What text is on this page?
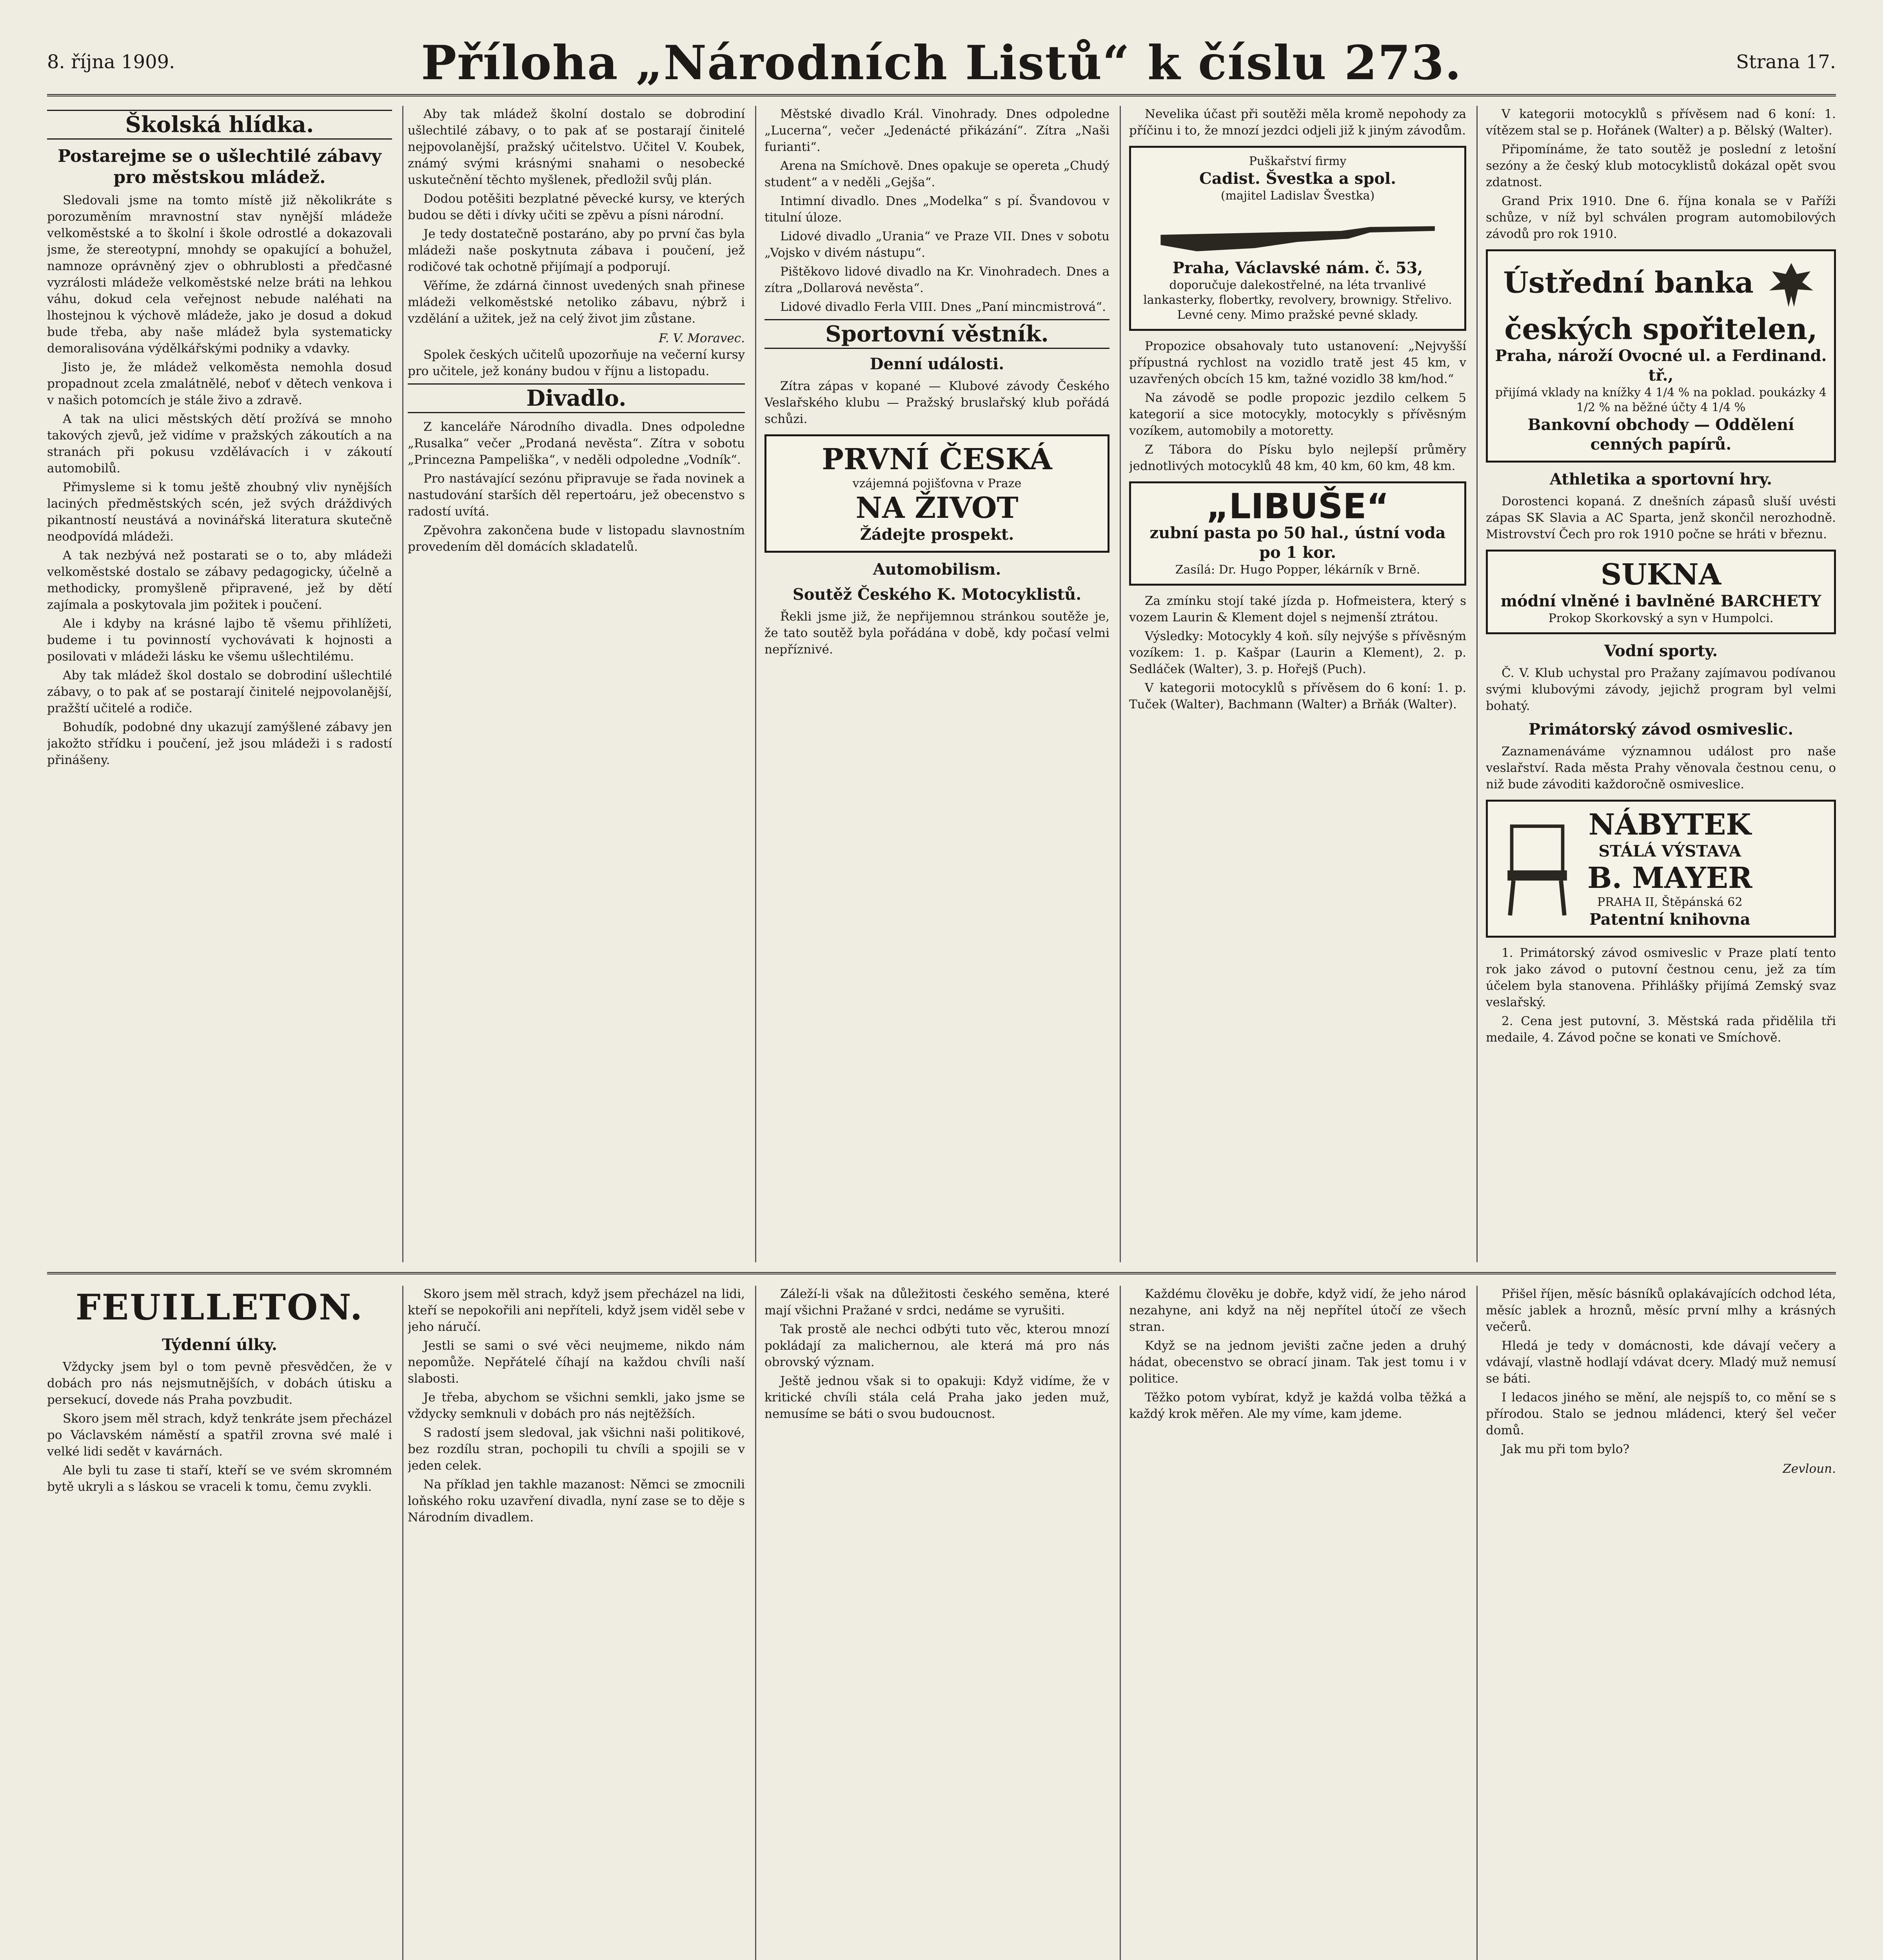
8. října 1909.	Příloha „Národních Listů“ k číslu 273.	Strana 17.
Školská hlídka.
Postarejme se o ušlechtilé zábavy pro městskou mládež.

Sledovali jsme na tomto místě již několikráte s porozuměním mravnostní stav nynější mládeže velkoměstské a to školní i škole odrostlé a dokazovali jsme, že stereotypní, mnohdy se opakující a bohužel, namnoze oprávněný zjev o obhrublosti a předčasné vyzrálosti mládeže velkoměstské nelze bráti na lehkou váhu, dokud cela veřejnost nebude naléhati na lhostejnou k výchově mládeže, jako je dosud a dokud bude třeba, aby naše mládež byla systematicky demoralisována výdělkářskými podniky a vdavky.

Jisto je, že mládež velkoměsta nemohla dosud propadnout zcela zmalátnělé, neboť v dětech venkova i v našich potomcích je stále živo a zdravě.

A tak na ulici městských dětí prožívá se mnoho takových zjevů, jež vidíme v pražských zákoutích a na stranách při pokusu vzdělávacích i v zákoutí automobilů.

Přimysleme si k tomu ještě zhoubný vliv nynějších laciných předměstských scén, jež svých dráždivých pikantností neustává a novinářská literatura skutečně neodpovídá mládeži.

A tak nezbývá než postarati se o to, aby mládeži velkoměstské dostalo se zábavy pedagogicky, účelně a methodicky, promyšleně připravené, jež by dětí zajímala a poskytovala jim požitek i poučení.

Ale i kdyby na krásné lajbo tě všemu přihlížeti, budeme i tu povinností vychovávati k hojnosti a posilovati v mládeži lásku ke všemu ušlechtilému.

Aby tak mládež škol dostalo se dobrodiní ušlechtilé zábavy, o to pak ať se postarají činitelé nejpovolanější, pražští učitelé a rodiče.

Bohudík, podobné dny ukazují zamýšlené zábavy jen jakožto střídku i poučení, jež jsou mládeži i s radostí přinášeny.

Aby tak mládež školní dostalo se dobrodiní ušlechtilé zábavy, o to pak ať se postarají činitelé nejpovolanější, pražský učitelstvo. Učitel V. Koubek, známý svými krásnými snahami o nesobecké uskutečnění těchto myšlenek, předložil svůj plán.

Dodou potěšiti bezplatné pěvecké kursy, ve kterých budou se děti i dívky učiti se zpěvu a písni národní.

Je tedy dostatečně postaráno, aby po první čas byla mládeži naše poskytnuta zábava i poučení, jež rodičové tak ochotně přijímají a podporují.

Věříme, že zdárná činnost uvedených snah přinese mládeži velkoměstské netoliko zábavu, nýbrž i vzdělání a užitek, jež na celý život jim zůstane.

F. V. Moravec.

Spolek českých učitelů upozorňuje na večerní kursy pro učitele, jež konány budou v říjnu a listopadu.

Divadlo.

Z kanceláře Národního divadla. Dnes odpoledne „Rusalka“ večer „Prodaná nevěsta“. Zítra v sobotu „Princezna Pampeliška“, v neděli odpoledne „Vodník“.

Pro nastávající sezónu připravuje se řada novinek a nastudování starších děl repertoáru, jež obecenstvo s radostí uvítá.

Zpěvohra zakončena bude v listopadu slavnostním provedením děl domácích skladatelů.

Městské divadlo Král. Vinohrady. Dnes odpoledne „Lucerna“, večer „Jedenácté přikázání“. Zítra „Naši furianti“.

Arena na Smíchově. Dnes opakuje se opereta „Chudý student“ a v neděli „Gejša“.

Intimní divadlo. Dnes „Modelka“ s pí. Švandovou v titulní úloze.

Lidové divadlo „Urania“ ve Praze VII. Dnes v sobotu „Vojsko v divém nástupu“.

Pištěkovo lidové divadlo na Kr. Vinohradech. Dnes a zítra „Dollarová nevěsta“.

Lidové divadlo Ferla VIII. Dnes „Paní mincmistrová“.

Sportovní věstník.
Denní události.

Zítra zápas v kopané — Klubové závody Českého Veslařského klubu — Pražský bruslařský klub pořádá schůzi.

PRVNÍ ČESKÁ
vzájemná pojišťovna v Praze
NA ŽIVOT
Žádejte prospekt.
Automobilism.
Soutěž Českého K. Motocyklistů.

Řekli jsme již, že nepřijemnou stránkou soutěže je, že tato soutěž byla pořádána v době, kdy počasí velmi nepříznivé.

Nevelika účast při soutěži měla kromě nepohody za příčinu i to, že mnozí jezdci odjeli již k jiným závodům.

Puškařství firmy
Cadist. Švestka a spol.
(majitel Ladislav Švestka)
Praha, Václavské nám. č. 53,
doporučuje dalekostřelné, na léta trvanlivé lankasterky, flobertky, revolvery, brownigy. Střelivo. Levné ceny. Mimo pražské pevné sklady.

Propozice obsahovaly tuto ustanovení: „Nejvyšší přípustná rychlost na vozidlo tratě jest 45 km, v uzavřených obcích 15 km, tažné vozidlo 38 km/hod.“

Na závodě se podle propozic jezdilo celkem 5 kategorií a sice motocykly, motocykly s přívěsným vozíkem, automobily a motoretty.

Z Tábora do Písku bylo nejlepší průměry jednotlivých motocyklů 48 km, 40 km, 60 km, 48 km.

„LIBUŠE“
zubní pasta po 50 hal., ústní voda po 1 kor.
Zasílá: Dr. Hugo Popper, lékárník v Brně.

Za zmínku stojí také jízda p. Hofmeistera, který s vozem Laurin & Klement dojel s nejmenší ztrátou.

Výsledky: Motocykly 4 koň. síly nejvýše s přívěsným vozíkem: 1. p. Kašpar (Laurin a Klement), 2. p. Sedláček (Walter), 3. p. Hořejš (Puch).

V kategorii motocyklů s přívěsem do 6 koní: 1. p. Tuček (Walter), Bachmann (Walter) a Brňák (Walter).

V kategorii motocyklů s přívěsem nad 6 koní: 1. vítězem stal se p. Hořánek (Walter) a p. Bělský (Walter).

Připomínáme, že tato soutěž je poslední z letošní sezóny a že český klub motocyklistů dokázal opět svou zdatnost.

Grand Prix 1910. Dne 6. října konala se v Paříži schůze, v níž byl schválen program automobilových závodů pro rok 1910.

Ústřední banka
českých spořitelen,
Praha, nároží Ovocné ul. a Ferdinand. tř.,
přijímá vklady na knížky 4 1/4 % na poklad. poukázky 4 1/2 % na běžné účty 4 1/4 %
Bankovní obchody — Oddělení cenných papírů.
Athletika a sportovní hry.

Dorostenci kopaná. Z dnešních zápasů sluší uvésti zápas SK Slavia a AC Sparta, jenž skončil nerozhodně. Mistrovství Čech pro rok 1910 počne se hráti v březnu.

SUKNA
módní vlněné i bavlněné BARCHETY
Prokop Skorkovský a syn v Humpolci.
Vodní sporty.

Č. V. Klub uchystal pro Pražany zajímavou podívanou svými klubovými závody, jejichž program byl velmi bohatý.

Primátorský závod osmiveslic.

Zaznamenáváme významnou událost pro naše veslařství. Rada města Prahy věnovala čestnou cenu, o niž bude závoditi každoročně osmiveslice.

NÁBYTEK
STÁLÁ VÝSTAVA
B. MAYER
PRAHA II, Štěpánská 62
Patentní knihovna

1. Primátorský závod osmiveslic v Praze platí tento rok jako závod o putovní čestnou cenu, jež za tím účelem byla stanovena. Přihlášky přijímá Zemský svaz veslařský.

2. Cena jest putovní, 3. Městská rada přidělila tři medaile, 4. Závod počne se konati ve Smíchově.

FEUILLETON.
Týdenní úlky.

Vždycky jsem byl o tom pevně přesvědčen, že v dobách pro nás nejsmutnějších, v dobách útisku a persekucí, dovede nás Praha povzbudit.

Skoro jsem měl strach, když tenkráte jsem přecházel po Václavském náměstí a spatřil zrovna své malé i velké lidi sedět v kavárnách.

Ale byli tu zase ti staří, kteří se ve svém skromném bytě ukryli a s láskou se vraceli k tomu, čemu zvykli.

Skoro jsem měl strach, když jsem přecházel na lidi, kteří se nepokořili ani nepříteli, když jsem viděl sebe v jeho náručí.

Jestli se sami o své věci neujmeme, nikdo nám nepomůže. Nepřátelé číhají na každou chvíli naší slabosti.

Je třeba, abychom se všichni semkli, jako jsme se vždycky semknuli v dobách pro nás nejtěžších.

S radostí jsem sledoval, jak všichni naši politikové, bez rozdílu stran, pochopili tu chvíli a spojili se v jeden celek.

Na příklad jen takhle mazanost: Němci se zmocnili loňského roku uzavření divadla, nyní zase se to děje s Národním divadlem.

Záleží-li však na důležitosti českého seměna, které mají všichni Pražané v srdci, nedáme se vyrušiti.

Tak prostě ale nechci odbýti tuto věc, kterou mnozí pokládají za malichernou, ale která má pro nás obrovský význam.

Ještě jednou však si to opakuji: Když vidíme, že v kritické chvíli stála celá Praha jako jeden muž, nemusíme se báti o svou budoucnost.

Každému člověku je dobře, když vidí, že jeho národ nezahyne, ani když na něj nepřítel útočí ze všech stran.

Když se na jednom jevišti začne jeden a druhý hádat, obecenstvo se obrací jinam. Tak jest tomu i v politice.

Těžko potom vybírat, když je každá volba těžká a každý krok měřen. Ale my víme, kam jdeme.

Přišel říjen, měsíc básníků oplakávajících odchod léta, měsíc jablek a hroznů, měsíc první mlhy a krásných večerů.

Hledá je tedy v domácnosti, kde dávají večery a vdávají, vlastně hodlají vdávat dcery. Mladý muž nemusí se báti.

I ledacos jiného se mění, ale nejspíš to, co mění se s přírodou. Stalo se jednou mládenci, který šel večer domů.

Jak mu při tom bylo?

Zevloun.
